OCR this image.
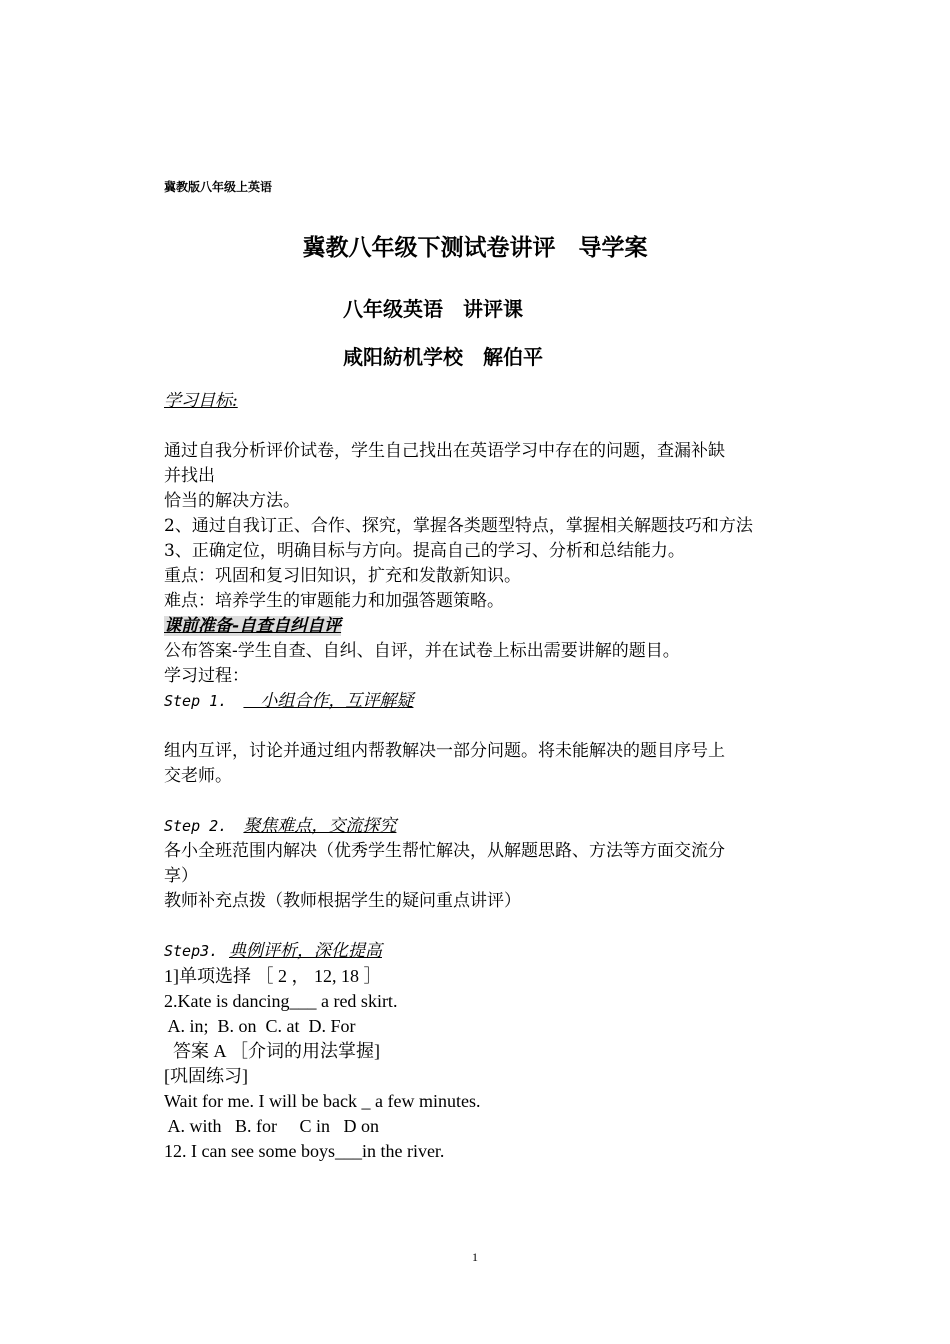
冀教版八年级上英语
冀教八年级下测试卷讲评　导学案
八年级英语　讲评课
咸阳紡机学校　解伯平
学习目标:
通过自我分析评价试卷，学生自己找出在英语学习中存在的问题，查漏补缺
并找出
恰当的解决方法。
2、通过自我订正、合作、探究，掌握各类题型特点，掌握相关解题技巧和方法
3、正确定位，明确目标与方向。提高自己的学习、分析和总结能力。
重点：巩固和复习旧知识，扩充和发散新知识。
难点：培养学生的审题能力和加强答题策略。
课前准备-自查自纠自评
公布答案-学生自查、自纠、自评，并在试卷上标出需要讲解的题目。
学习过程：
Step 1.   　小组合作，互评解疑
组内互评，讨论并通过组内帮教解决一部分问题。将未能解决的题目序号上
交老师。
Step 2. 聚焦难点，交流探究
各小全班范围内解决（优秀学生帮忙解决，从解题思路、方法等方面交流分
享）
教师补充点拨（教师根据学生的疑问重点讲评）
Step3. 典例评析，深化提高
1]单项选择 ［ 2 ， 12, 18 ］
2.Kate is dancing___ a red skirt.
A. in;  B. on  C. at  D. For
答案 A ［介词的用法掌握]
[巩固练习]
Wait for me. I will be back _ a few minutes.
A. with   B. for     C in   D on
12. I can see some boys___in the river.
1
